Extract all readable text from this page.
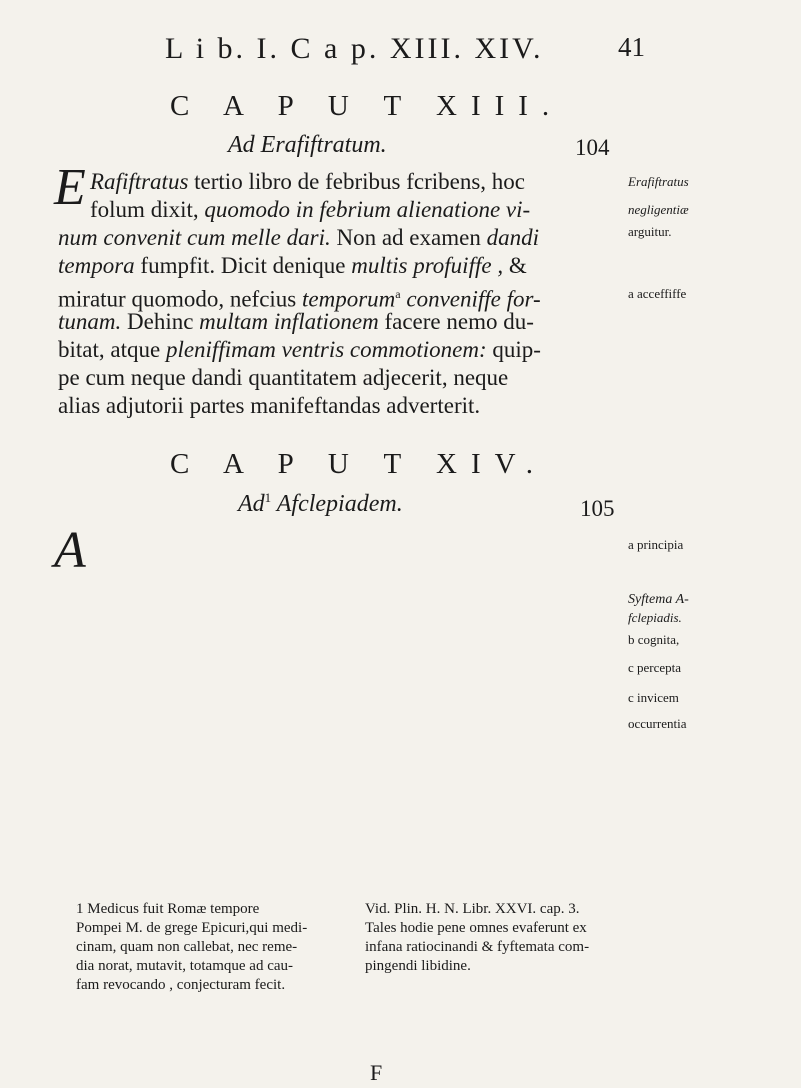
L i b. I. C a p. XIII. XIV.	41
C A P U T XIII.
Ad Erafiftratum.	104
E Rafiftratus tertio libro de febribus fcribens, hoc
folum dixit, quomodo in febrium alienatione vi-
num convenit cum melle dari. Non ad examen dandi
tempora fumpfit. Dicit denique multis profuiffe , &
miratur quomodo, nefcius temporum$^a$ conveniffe for-
tunam. Dehinc multam inflationem facere nemo du-
bitat, atque pleniffimam ventris commotionem: quip-
pe cum neque dandi quantitatem adjecerit, neque
alias adjutorii partes manifeftandas adverterit.
Erafiftratus
negligentiæ
arguitur.
a acceffiffe
C A P U T XIV.
Ad$^1$ Afclepiadem.	105
A	a principia
Syftema A-
fclepiadis.
b cognita,
c percepta
c invicem
occurrentia
1 Medicus fuit Romæ tempore
Pompei M. de grege Epicuri,qui medi-
cinam, quam non callebat, nec reme-
dia norat, mutavit, totamque ad cau-
fam revocando , conjecturam fecit.
Vid. Plin. H. N. Libr. XXVI. cap. 3.
Tales hodie pene omnes evaferunt ex
infana ratiocinandi & fyftemata com-
pingendi libidine.
F
